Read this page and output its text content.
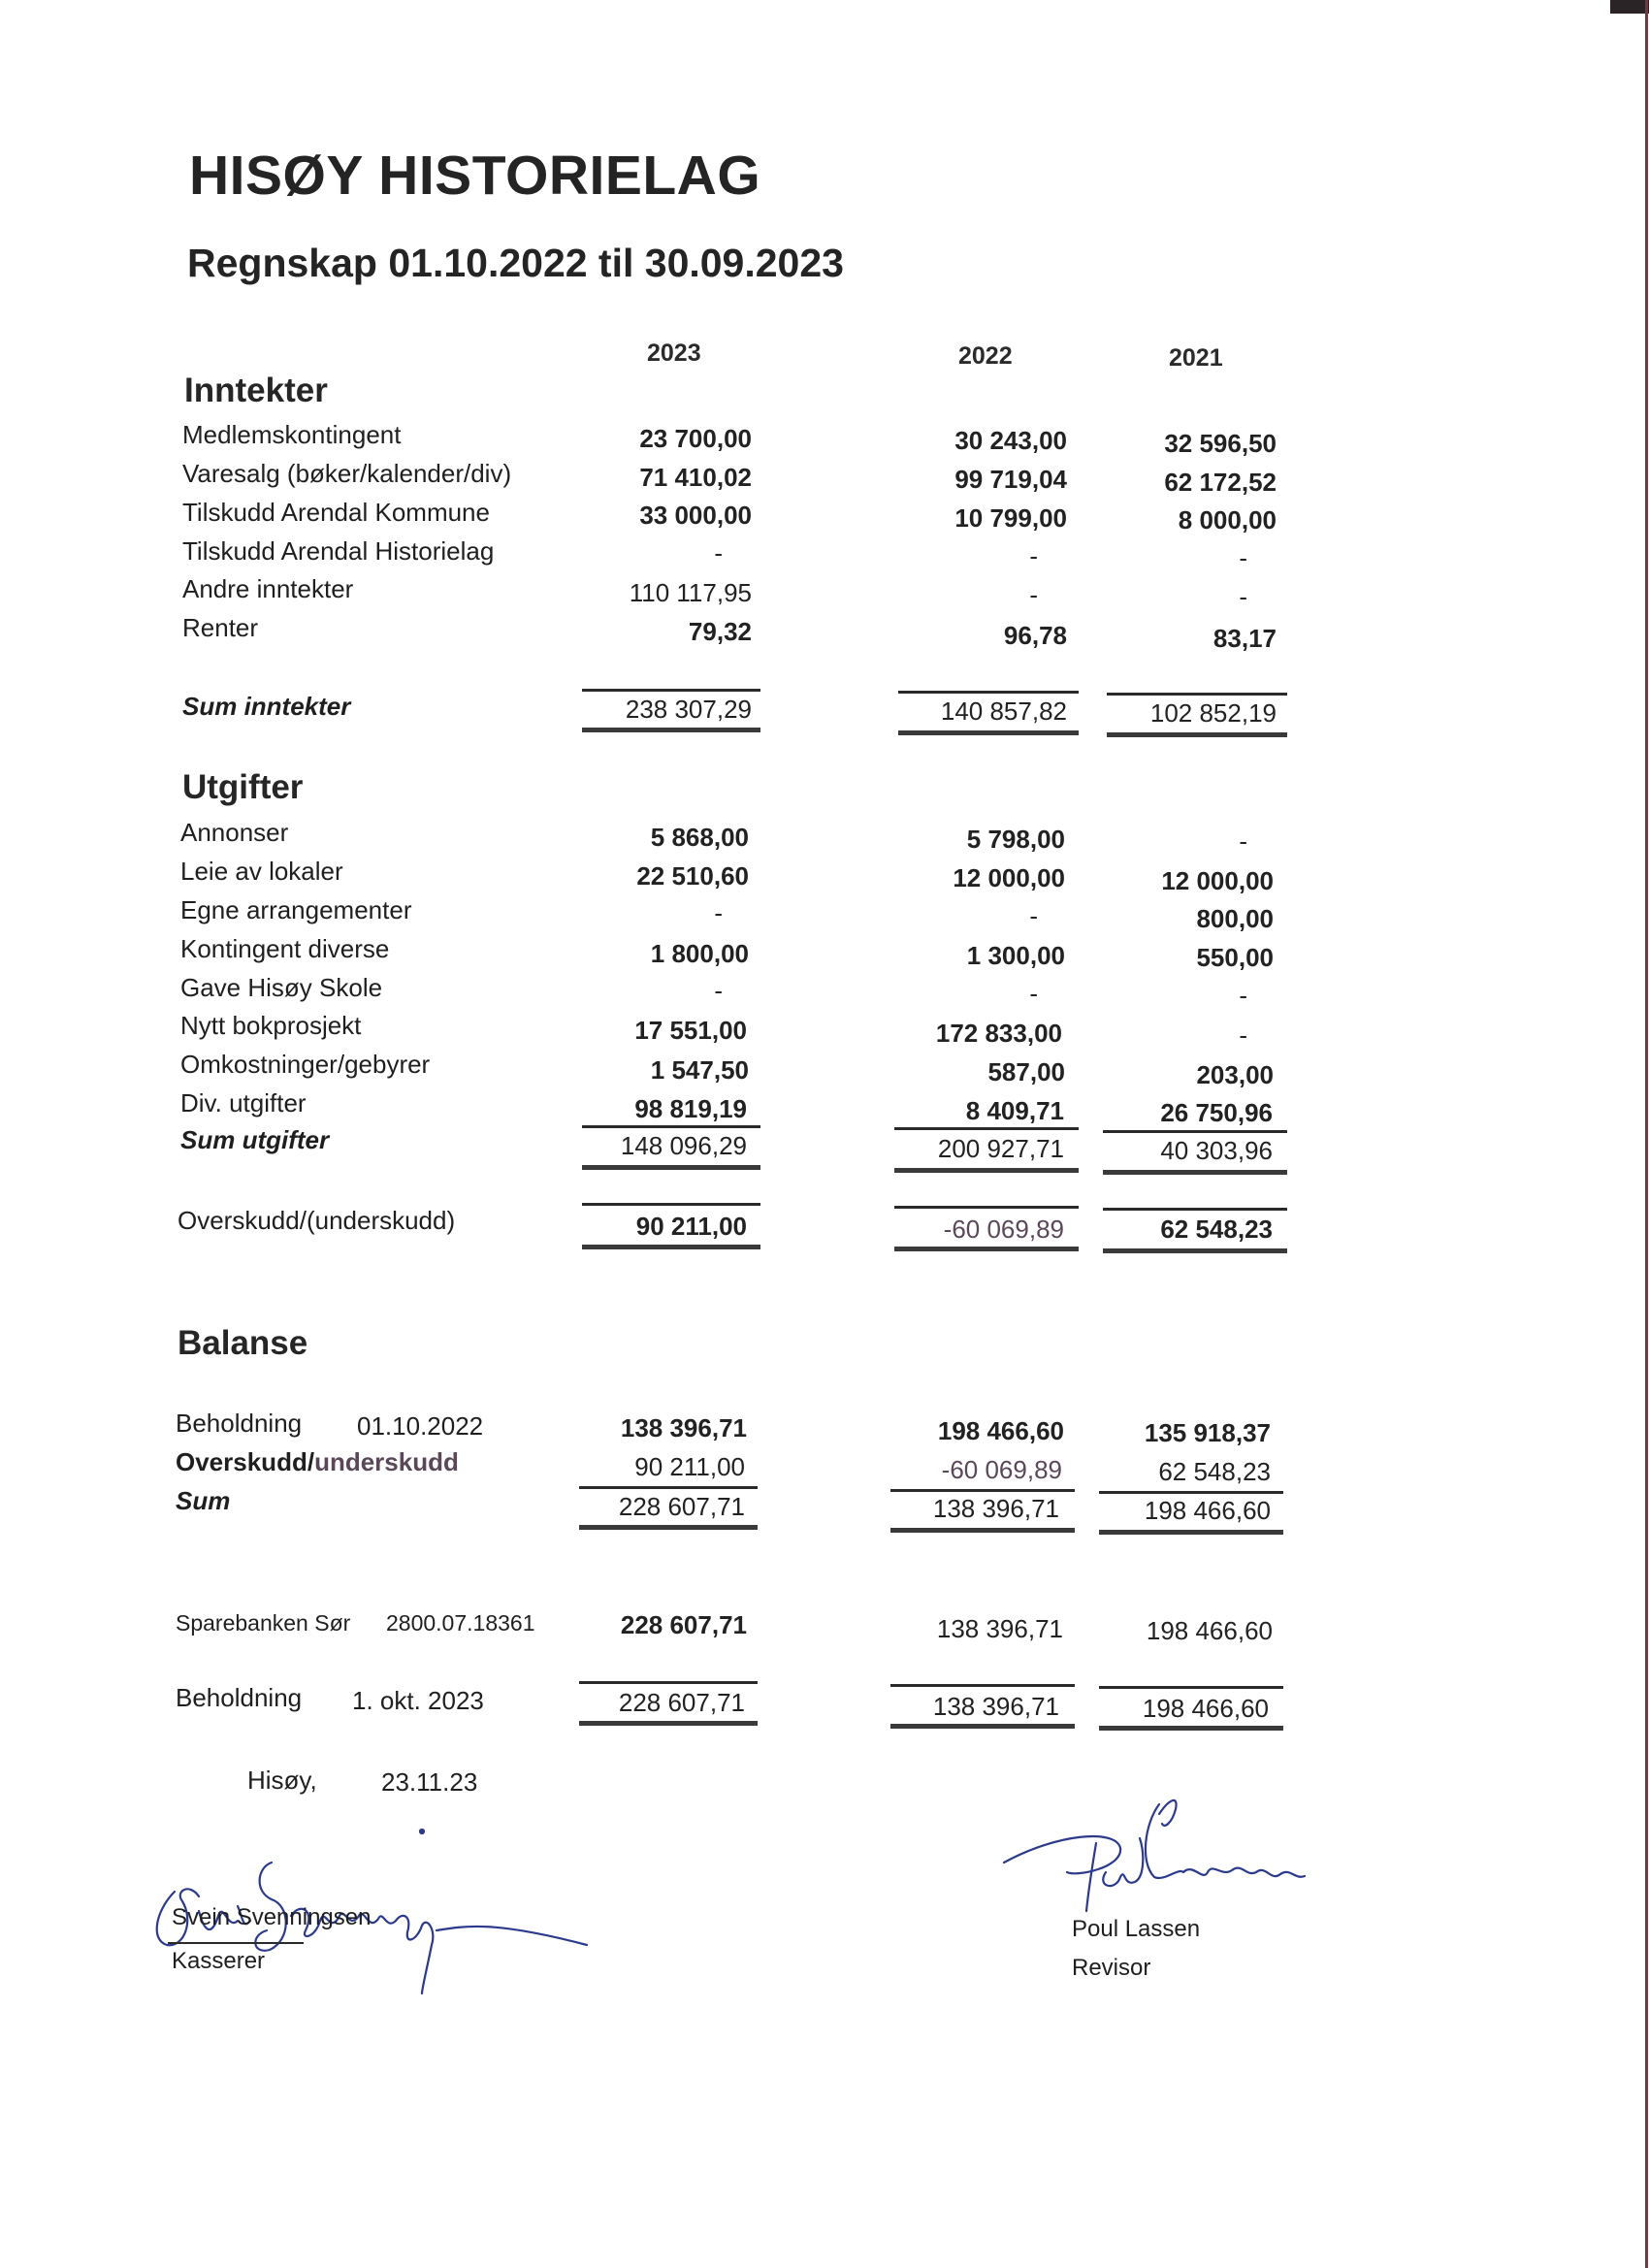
HISØY HISTORIELAG
Regnskap 01.10.2022 til 30.09.2023
2023	2022	2021
Inntekter
Medlemskontingent	23 700,00	30 243,00	32 596,50
Varesalg (bøker/kalender/div)	71 410,02	99 719,04	62 172,52
Tilskudd Arendal Kommune	33 000,00	10 799,00	8 000,00
Tilskudd Arendal Historielag	-	-	-
Andre inntekter	110 117,95	-	-
Renter	79,32	96,78	83,17
Sum inntekter	238 307,29	140 857,82	102 852,19
Utgifter
Annonser	5 868,00	5 798,00	-
Leie av lokaler	22 510,60	12 000,00	12 000,00
Egne arrangementer	-	-	800,00
Kontingent diverse	1 800,00	1 300,00	550,00
Gave Hisøy Skole	-	-	-
Nytt bokprosjekt	17 551,00	172 833,00	-
Omkostninger/gebyrer	1 547,50	587,00	203,00
Div. utgifter	98 819,19	8 409,71	26 750,96
Sum utgifter	148 096,29	200 927,71	40 303,96
Overskudd/(underskudd)	90 211,00	-60 069,89	62 548,23
Balanse
Beholdning 01.10.2022	138 396,71	198 466,60	135 918,37
Overskudd/underskudd	90 211,00	-60 069,89	62 548,23
Sum	228 607,71	138 396,71	198 466,60
Sparebanken Sør 2800.07.18361	228 607,71	138 396,71	198 466,60
Beholdning 1. okt. 2023	228 607,71	138 396,71	198 466,60
Hisøy,	23.11.23
Svein Svenningsen
Kasserer
Poul Lassen
Revisor
